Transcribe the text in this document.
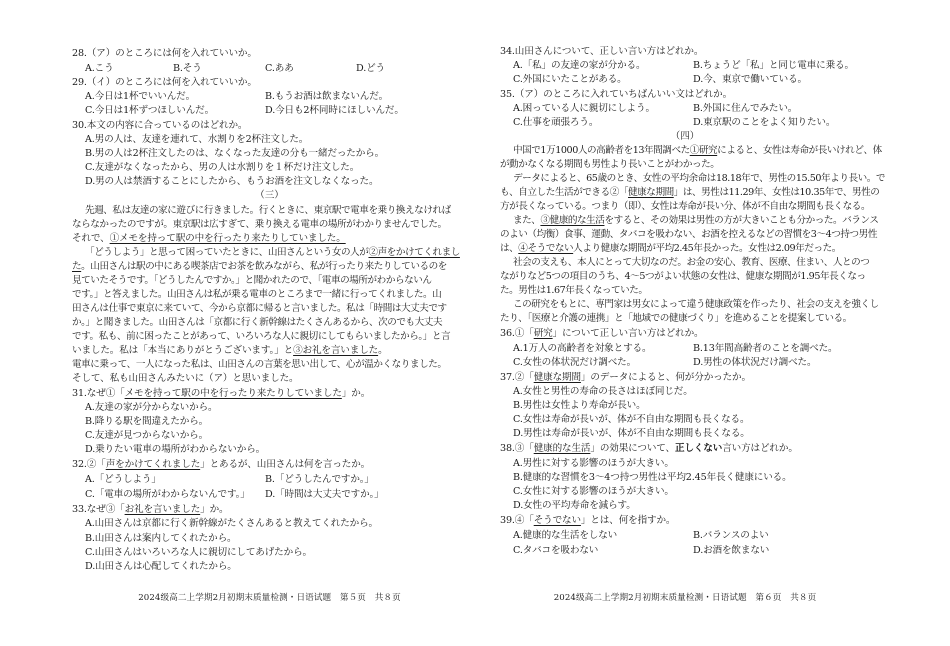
28.（ア）のところには何を入れていいか。
A.こう	B.そう	C.ああ	D.どう
29.（イ）のところには何を入れていいか。
A.今日は1杯でいいんだ。	B.もうお酒は飲まないんだ。
C.今日は1杯ずつほしいんだ。	D.今日も2杯同時にほしいんだ。
30.本文の内容に合っているのはどれか。
A.男の人は、友達を連れて、水割りを2杯注文した。
B.男の人は2杯注文したのは、なくなった友達の分も一緒だったから。
C.友達がなくなったから、男の人は水割りを１杯だけ注文した。
D.男の人は禁酒することにしたから、もうお酒を注文しなくなった。
（三）
先週、私は友達の家に遊びに行きました。行くときに、東京駅で電車を乗り換えなければ
ならなかったのですが。東京駅は広すぎて、乗り換える電車の場所がわかりませんでした。
それで、①メモを持って駅の中を行ったり来たりしていました。
「どうしよう」と思って困っていたときに、山田さんという女の人が②声をかけてくれまし
た。山田さんは駅の中にある喫茶店でお茶を飲みながら、私が行ったり来たりしているのを
見ていたそうです。「どうしたんですか。」と聞かれたので、「電車の場所がわからないん
です。」と答えました。山田さんは私が乗る電車のところまで一緒に行ってくれました。山
田さんは仕事で東京に来ていて、今から京都に帰ると言いました。私は「時間は大丈夫です
か。」と聞きました。山田さんは「京都に行く新幹線はたくさんあるから、次のでも大丈夫
です。私も、前に困ったことがあって、いろいろな人に親切にしてもらいましたから。」と言
いました。私は「本当にありがとうございます。」と③お礼を言いました。
電車に乗って、一人になった私は、山田さんの言葉を思い出して、心が温かくなりました。
そして、私も山田さんみたいに（ア）と思いました。
31.なぜ①「メモを持って駅の中を行ったり来たりしていました」か。
A.友達の家が分からないから。
B.降りる駅を間違えたから。
C.友達が見つからないから。
D.乗りたい電車の場所がわからないから。
32.②「声をかけてくれました」とあるが、山田さんは何を言ったか。
A.「どうしよう」	B.「どうしたんですか。」
C.「電車の場所がわからないんです。」 D.「時間は大丈夫ですか。」
33.なぜ③「お礼を言いました」か。
A.山田さんは京都に行く新幹線がたくさんあると教えてくれたから。
B.山田さんは案内してくれたから。
C.山田さんはいろいろな人に親切にしてあげたから。
D.山田さんは心配してくれたから。
2024级高二上学期2月初期末质量检测・日语试题　第５页　共８页
34.山田さんについて、正しい言い方はどれか。
A.「私」の友達の家が分かる。	B.ちょうど「私」と同じ電車に乗る。
C.外国にいたことがある。	D.今、東京で働いている。
35.（ア）のところに入れていちばんいい文はどれか。
A.困っている人に親切にしよう。	B.外国に住んでみたい。
C.仕事を頑張ろう。	D.東京駅のことをよく知りたい。
（四）
中国で1万1000人の高齢者を13年間調べた①研究によると、女性は寿命が長いけれど、体
が動かなくなる期間も男性より長いことがわかった。
データによると、65歳のとき、女性の平均余命は18.18年で、男性の15.50年より長い。で
も、自立した生活ができる②「健康な期間」は、男性は11.29年、女性は10.35年で、男性の
方が長くなっている。つまり（即）、女性は寿命が長い分、体が不自由な期間も長くなる。
また、③健康的な生活をすると、その効果は男性の方が大きいことも分かった。バランス
のよい（均衡）食事、運動、タバコを吸わない、お酒を控えるなどの習慣を3〜4つ持つ男性
は、④そうでない人より健康な期間が平均2.45年長かった。女性は2.09年だった。
社会の支えも、本人にとって大切なのだ。お金の安心、教育、医療、住まい、人とのつ
ながりなど5つの項目のうち、4〜5つがよい状態の女性は、健康な期間が1.95年長くなっ
た。男性は1.67年長くなっていた。
この研究をもとに、専門家は男女によって違う健康政策を作ったり、社会の支えを強くし
たり、「医療と介護の連携」と「地域での健康づくり」を進めることを提案している。
36.①「研究」について正しい言い方はどれか。
A.1万人の高齢者を対象とする。	B.13年間高齢者のことを調べた。
C.女性の体状況だけ調べた。	D.男性の体状況だけ調べた。
37.②「健康な期間」のデータによると、何が分かったか。
A.女性と男性の寿命の長さはほぼ同じだ。
B.男性は女性より寿命が長い。
C.女性は寿命が長いが、体が不自由な期間も長くなる。
D.男性は寿命が長いが、体が不自由な期間も長くなる。
38.③「健康的な生活」の効果について、正しくない言い方はどれか。
A.男性に対する影響のほうが大きい。
B.健康的な習慣を3〜4つ持つ男性は平均2.45年長く健康にいる。
C.女性に対する影響のほうが大きい。
D.女性の平均寿命を減らす。
39.④「そうでない」とは、何を指すか。
A.健康的な生活をしない	B.バランスのよい
C.タバコを吸わない	D.お酒を飲まない
2024级高二上学期2月初期末质量检测・日语试题　第６页　共８页
